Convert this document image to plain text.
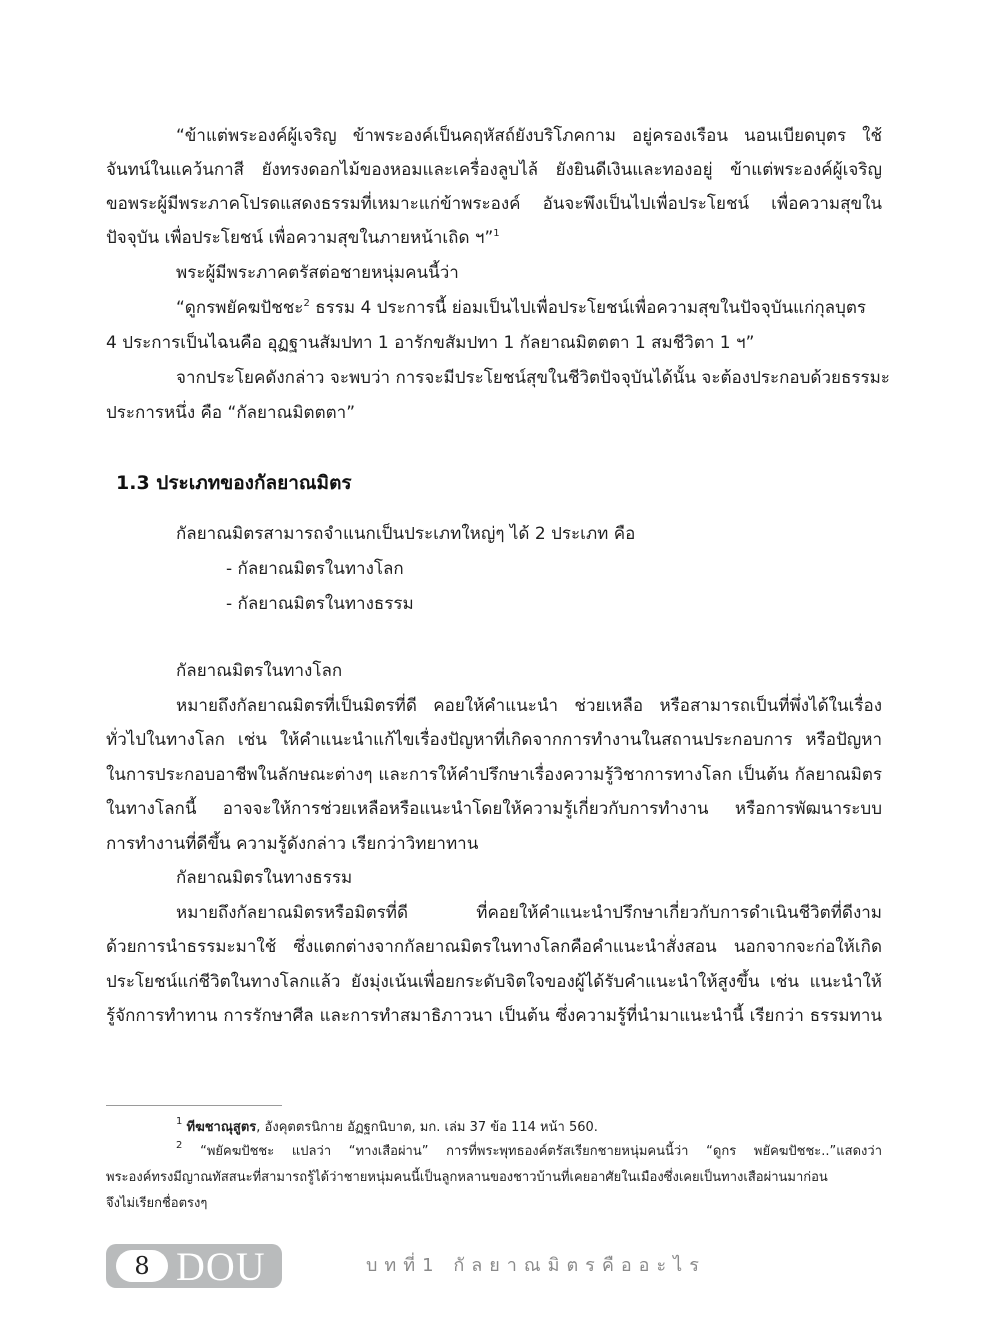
“ข้าแต่พระองค์ผู้เจริญ ข้าพระองค์เป็นคฤหัสถ์ยังบริโภคกาม อยู่ครองเรือน นอนเบียดบุตร ใช้
จันทน์ในแคว้นกาสี ยังทรงดอกไม้ของหอมและเครื่องลูบไล้ ยังยินดีเงินและทองอยู่ ข้าแต่พระองค์ผู้เจริญ
ขอพระผู้มีพระภาคโปรดแสดงธรรมที่เหมาะแก่ข้าพระองค์ อันจะพึงเป็นไปเพื่อประโยชน์ เพื่อความสุขใน
ปัจจุบัน เพื่อประโยชน์ เพื่อความสุขในภายหน้าเถิด ฯ”$^1$
พระผู้มีพระภาคตรัสต่อชายหนุ่มคนนี้ว่า
“ดูกรพยัคฆปัชชะ$^2$ ธรรม 4 ประการนี้ ย่อมเป็นไปเพื่อประโยชน์เพื่อความสุขในปัจจุบันแก่กุลบุตร
4 ประการเป็นไฉนคือ อุฏฐานสัมปทา 1 อารักขสัมปทา 1 กัลยาณมิตตตา 1 สมชีวิตา 1 ฯ”
จากประโยคดังกล่าว จะพบว่า การจะมีประโยชน์สุขในชีวิตปัจจุบันได้นั้น จะต้องประกอบด้วยธรรมะ
ประการหนึ่ง คือ “กัลยาณมิตตตา”
กัลยาณมิตรสามารถจำแนกเป็นประเภทใหญ่ๆ ได้ 2 ประเภท คือ
- กัลยาณมิตรในทางโลก
- กัลยาณมิตรในทางธรรม
กัลยาณมิตรในทางโลก
หมายถึงกัลยาณมิตรที่เป็นมิตรที่ดี คอยให้คำแนะนำ ช่วยเหลือ หรือสามารถเป็นที่พึ่งได้ในเรื่อง
ทั่วไปในทางโลก เช่น ให้คำแนะนำแก้ไขเรื่องปัญหาที่เกิดจากการทำงานในสถานประกอบการ หรือปัญหา
ในการประกอบอาชีพในลักษณะต่างๆ และการให้คำปรึกษาเรื่องความรู้วิชาการทางโลก เป็นต้น กัลยาณมิตร
ในทางโลกนี้ อาจจะให้การช่วยเหลือหรือแนะนำโดยให้ความรู้เกี่ยวกับการทำงาน หรือการพัฒนาระบบ
การทำงานที่ดีขึ้น ความรู้ดังกล่าว เรียกว่าวิทยาทาน
กัลยาณมิตรในทางธรรม
หมายถึงกัลยาณมิตรหรือมิตรที่ดี ที่คอยให้คำแนะนำปรึกษาเกี่ยวกับการดำเนินชีวิตที่ดีงาม
ด้วยการนำธรรมะมาใช้ ซึ่งแตกต่างจากกัลยาณมิตรในทางโลกคือคำแนะนำสั่งสอน นอกจากจะก่อให้เกิด
ประโยชน์แก่ชีวิตในทางโลกแล้ว ยังมุ่งเน้นเพื่อยกระดับจิตใจของผู้ได้รับคำแนะนำให้สูงขึ้น เช่น แนะนำให้
รู้จักการทำทาน การรักษาศีล และการทำสมาธิภาวนา เป็นต้น ซึ่งความรู้ที่นำมาแนะนำนี้ เรียกว่า ธรรมทาน
1.3 ประเภทของกัลยาณมิตร
$^1$ ทีฆชาณุสูตร, อังคุตตรนิกาย อัฏฐกนิบาต, มก. เล่ม 37 ข้อ 114 หน้า 560.
$^2$ “พยัคฆปัชชะ แปลว่า “ทางเสือผ่าน” การที่พระพุทธองค์ตรัสเรียกชายหนุ่มคนนี้ว่า “ดูกร พยัคฆปัชชะ..”แสดงว่า
พระองค์ทรงมีญาณทัสสนะที่สามารถรู้ได้ว่าชายหนุ่มคนนี้เป็นลูกหลานของชาวบ้านที่เคยอาศัยในเมืองซึ่งเคยเป็นทางเสือผ่านมาก่อน
จึงไม่เรียกชื่อตรงๆ
8 DOU	บทที่1 กัลยาณมิตรคืออะไร
